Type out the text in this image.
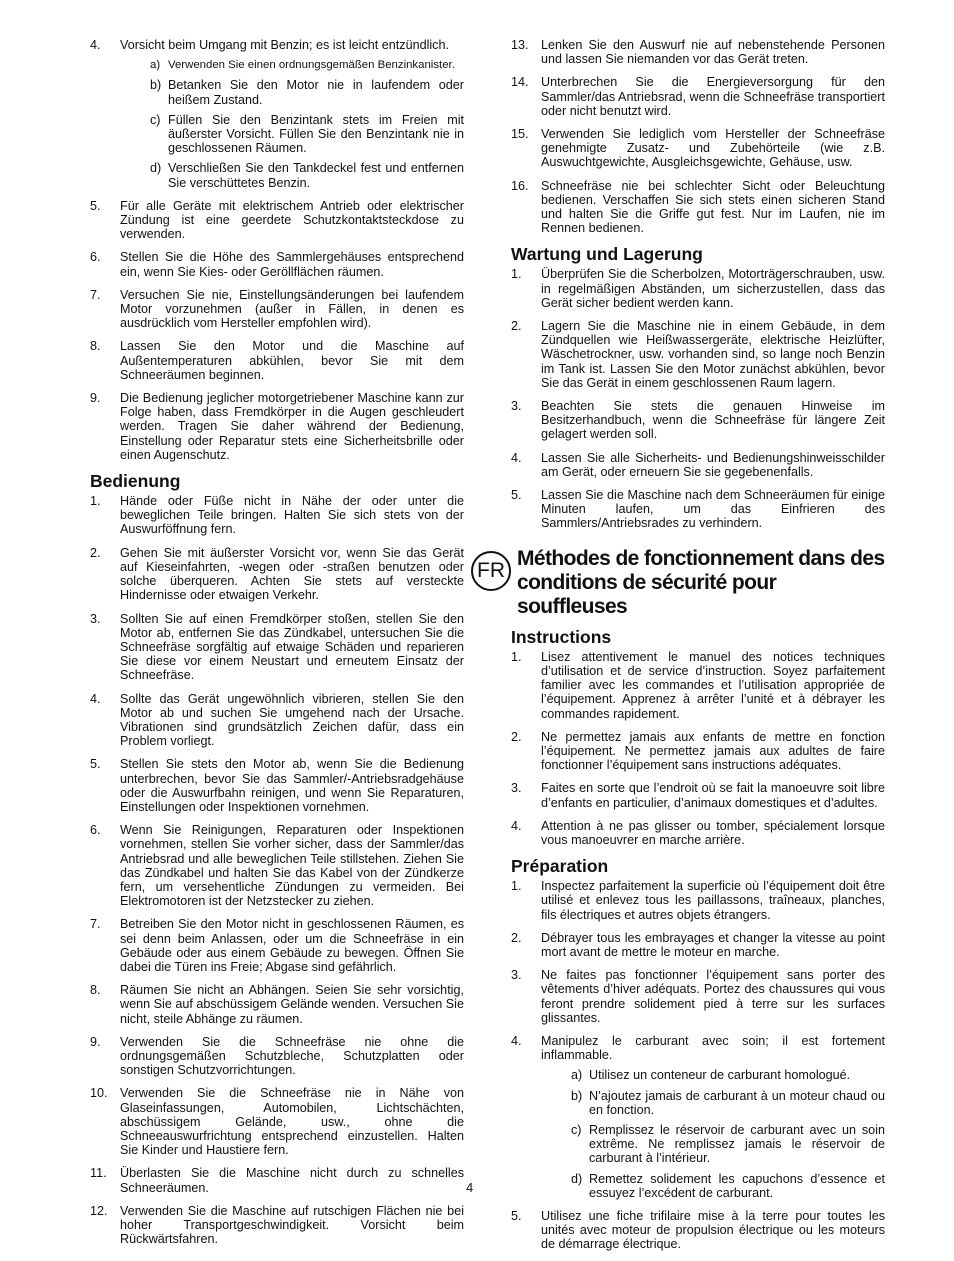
4. Vorsicht beim Umgang mit Benzin; es ist leicht entzündlich.
a) Verwenden Sie einen ordnungsgemäßen Benzinkanister.
b) Betanken Sie den Motor nie in laufendem oder heißem Zustand.
c) Füllen Sie den Benzintank stets im Freien mit äußerster Vorsicht. Füllen Sie den Benzintank nie in geschlossenen Räumen.
d) Verschließen Sie den Tankdeckel fest und entfernen Sie verschüttetes Benzin.
5. Für alle Geräte mit elektrischem Antrieb oder elektrischer Zündung ist eine geerdete Schutzkontaktsteckdose zu verwenden.
6. Stellen Sie die Höhe des Sammlergehäuses entsprechend ein, wenn Sie Kies- oder Geröllflächen räumen.
7. Versuchen Sie nie, Einstellungsänderungen bei laufendem Motor vorzunehmen (außer in Fällen, in denen es ausdrücklich vom Hersteller empfohlen wird).
8. Lassen Sie den Motor und die Maschine auf Außentemperaturen abkühlen, bevor Sie mit dem Schneeräumen beginnen.
9. Die Bedienung jeglicher motorgetriebener Maschine kann zur Folge haben, dass Fremdkörper in die Augen geschleudert werden. Tragen Sie daher während der Bedienung, Einstellung oder Reparatur stets eine Sicherheitsbrille oder einen Augenschutz.
Bedienung
1. Hände oder Füße nicht in Nähe der oder unter die beweglichen Teile bringen. Halten Sie sich stets von der Auswurföffnung fern.
2. Gehen Sie mit äußerster Vorsicht vor, wenn Sie das Gerät auf Kieseinfahrten, -wegen oder -straßen benutzen oder solche überqueren. Achten Sie stets auf versteckte Hindernisse oder etwaigen Verkehr.
3. Sollten Sie auf einen Fremdkörper stoßen, stellen Sie den Motor ab, entfernen Sie das Zündkabel, untersuchen Sie die Schneefräse sorgfältig auf etwaige Schäden und reparieren Sie diese vor einem Neustart und erneutem Einsatz der Schneefräse.
4. Sollte das Gerät ungewöhnlich vibrieren, stellen Sie den Motor ab und suchen Sie umgehend nach der Ursache. Vibrationen sind grundsätzlich Zeichen dafür, dass ein Problem vorliegt.
5. Stellen Sie stets den Motor ab, wenn Sie die Bedienung unterbrechen, bevor Sie das Sammler/-Antriebsradgehäuse oder die Auswurfbahn reinigen, und wenn Sie Reparaturen, Einstellungen oder Inspektionen vornehmen.
6. Wenn Sie Reinigungen, Reparaturen oder Inspektionen vornehmen, stellen Sie vorher sicher, dass der Sammler/das Antriebsrad und alle beweglichen Teile stillstehen. Ziehen Sie das Zündkabel und halten Sie das Kabel von der Zündkerze fern, um versehentliche Zündungen zu vermeiden. Bei Elektromotoren ist der Netzstecker zu ziehen.
7. Betreiben Sie den Motor nicht in geschlossenen Räumen, es sei denn beim Anlassen, oder um die Schneefräse in ein Gebäude oder aus einem Gebäude zu bewegen. Öffnen Sie dabei die Türen ins Freie; Abgase sind gefährlich.
8. Räumen Sie nicht an Abhängen. Seien Sie sehr vorsichtig, wenn Sie auf abschüssigem Gelände wenden. Versuchen Sie nicht, steile Abhänge zu räumen.
9. Verwenden Sie die Schneefräse nie ohne die ordnungsgemäßen Schutzbleche, Schutzplatten oder sonstigen Schutzvorrichtungen.
10. Verwenden Sie die Schneefräse nie in Nähe von Glaseinfassungen, Automobilen, Lichtschächten, abschüssigem Gelände, usw., ohne die Schneeauswurfrichtung entsprechend einzustellen. Halten Sie Kinder und Haustiere fern.
11. Überlasten Sie die Maschine nicht durch zu schnelles Schneeräumen.
12. Verwenden Sie die Maschine auf rutschigen Flächen nie bei hoher Transportgeschwindigkeit. Vorsicht beim Rückwärtsfahren.
13. Lenken Sie den Auswurf nie auf nebenstehende Personen und lassen Sie niemanden vor das Gerät treten.
14. Unterbrechen Sie die Energieversorgung für den Sammler/das Antriebsrad, wenn die Schneefräse transportiert oder nicht benutzt wird.
15. Verwenden Sie lediglich vom Hersteller der Schneefräse genehmigte Zusatz- und Zubehörteile (wie z.B. Auswuchtgewichte, Ausgleichsgewichte, Gehäuse, usw.
16. Schneefräse nie bei schlechter Sicht oder Beleuchtung bedienen. Verschaffen Sie sich stets einen sicheren Stand und halten Sie die Griffe gut fest. Nur im Laufen, nie im Rennen bedienen.
Wartung und Lagerung
1. Überprüfen Sie die Scherbolzen, Motorträgerschrauben, usw. in regelmäßigen Abständen, um sicherzustellen, dass das Gerät sicher bedient werden kann.
2. Lagern Sie die Maschine nie in einem Gebäude, in dem Zündquellen wie Heißwassergeräte, elektrische Heizlüfter, Wäschetrockner, usw. vorhanden sind, so lange noch Benzin im Tank ist. Lassen Sie den Motor zunächst abkühlen, bevor Sie das Gerät in einem geschlossenen Raum lagern.
3. Beachten Sie stets die genauen Hinweise im Besitzerhandbuch, wenn die Schneefräse für längere Zeit gelagert werden soll.
4. Lassen Sie alle Sicherheits- und Bedienungshinweisschilder am Gerät, oder erneuern Sie sie gegebenenfalls.
5. Lassen Sie die Maschine nach dem Schneeräumen für einige Minuten laufen, um das Einfrieren des Sammlers/Antriebsrades zu verhindern.
FR
Méthodes de fonctionnement dans des
conditions de sécurité pour souffleuses
Instructions
1. Lisez attentivement le manuel des notices techniques d’utilisation et de service d’instruction. Soyez parfaitement familier avec les commandes et l’utilisation appropriée de l’équipement. Apprenez à arrêter l’unité et à débrayer les commandes rapidement.
2. Ne permettez jamais aux enfants de mettre en fonction l’équipement. Ne permettez jamais aux adultes de faire fonctionner l’équipement sans instructions adéquates.
3. Faites en sorte que l’endroit où se fait la manoeuvre soit libre d’enfants en particulier, d’animaux domestiques et d’adultes.
4. Attention à ne pas glisser ou tomber, spécialement lorsque vous manoeuvrer en marche arrière.
Préparation
1. Inspectez parfaitement la superficie où l’équipement doit être utilisé et enlevez tous les paillassons, traîneaux, planches, fils électriques et autres objets étrangers.
2. Débrayer tous les embrayages et changer la vitesse au point mort avant de mettre le moteur en marche.
3. Ne faites pas fonctionner l’équipement sans porter des vêtements d’hiver adéquats. Portez des chaussures qui vous feront prendre solidement pied à terre sur les surfaces glissantes.
4. Manipulez le carburant avec soin; il est fortement inflammable.
a) Utilisez un conteneur de carburant homologué.
b) N’ajoutez jamais de carburant à un moteur chaud ou en fonction.
c) Remplissez le réservoir de carburant avec un soin extrême. Ne remplissez jamais le réservoir de carburant à l’intérieur.
d) Remettez solidement les capuchons d’essence et essuyez l’excédent de carburant.
5. Utilisez une fiche trifilaire mise à la terre pour toutes les unités avec moteur de propulsion électrique ou les moteurs de démarrage électrique.
4
